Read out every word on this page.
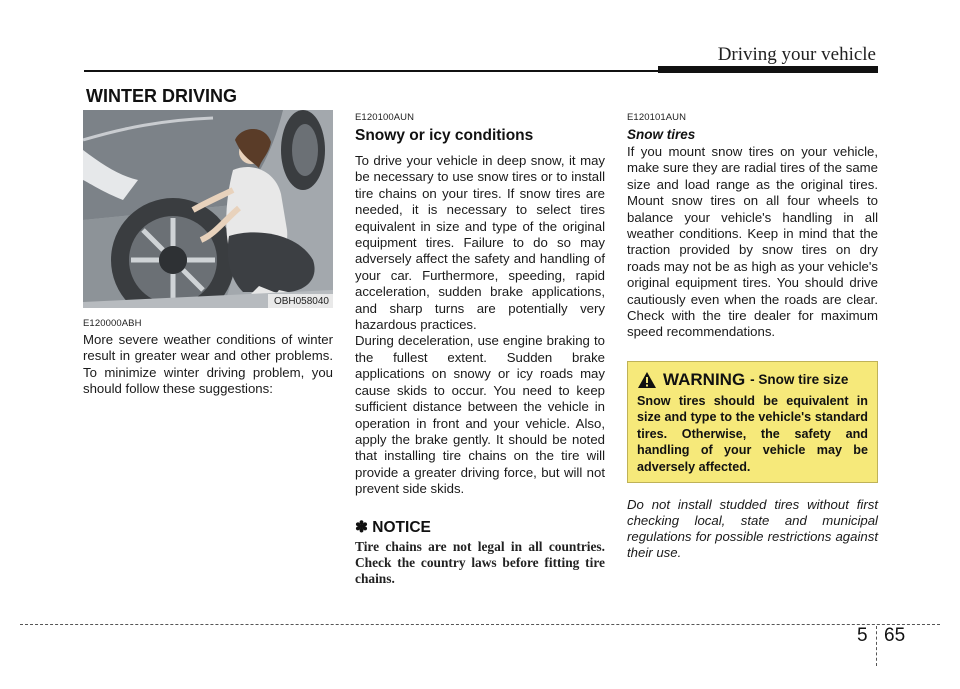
Driving your vehicle
WINTER DRIVING
OBH058040
E120000ABH

More severe weather conditions of winter result in greater wear and other problems. To minimize winter driving problem, you should follow these suggestions:

E120100AUN
Snowy or icy conditions

To drive your vehicle in deep snow, it may be necessary to use snow tires or to install tire chains on your tires. If snow tires are needed, it is necessary to select tires equivalent in size and type of the original equipment tires. Failure to do so may adversely affect the safety and handling of your car. Furthermore, speeding, rapid acceleration, sudden brake applications, and sharp turns are potentially very hazardous practices.

During deceleration, use engine braking to the fullest extent. Sudden brake applications on snowy or icy roads may cause skids to occur. You need to keep sufficient distance between the vehicle in operation in front and your vehicle. Also, apply the brake gently. It should be noted that installing tire chains on the tire will provide a greater driving force, but will not prevent side skids.

✽ NOTICE
Tire chains are not legal in all countries. Check the country laws before fitting tire chains.
E120101AUN
Snow tires

If you mount snow tires on your vehicle, make sure they are radial tires of the same size and load range as the original tires. Mount snow tires on all four wheels to balance your vehicle's handling in all weather conditions. Keep in mind that the traction provided by snow tires on dry roads may not be as high as your vehicle's original equipment tires. You should drive cautiously even when the roads are clear. Check with the tire dealer for maximum speed recommendations.

WARNING - Snow tire size
Snow tires should be equivalent in size and type to the vehicle's standard tires. Otherwise, the safety and handling of your vehicle may be adversely affected.

Do not install studded tires without first checking local, state and municipal regulations for possible restrictions against their use.

5 65
